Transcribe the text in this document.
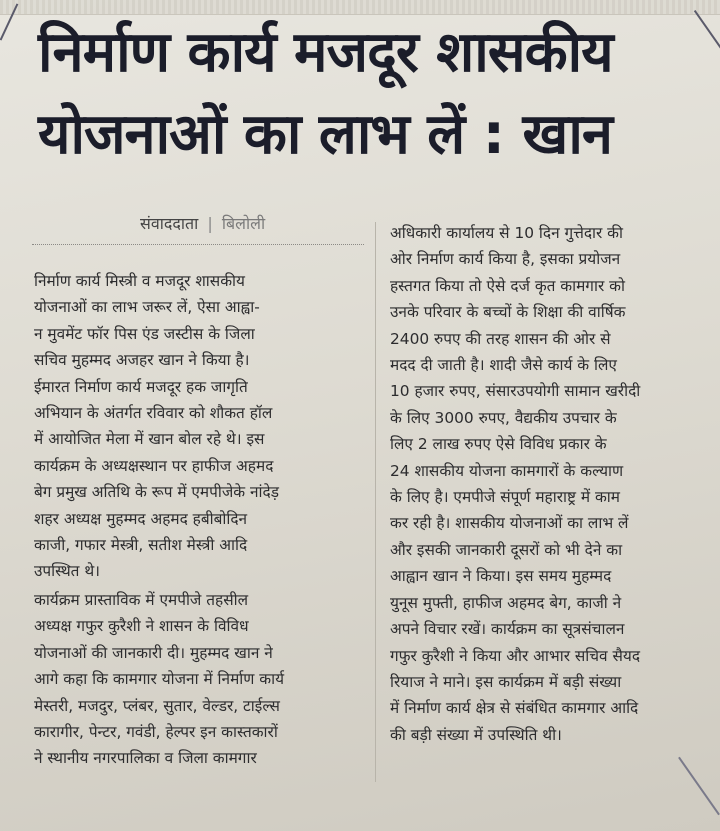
निर्माण कार्य मजदूर शासकीय
योजनाओं का लाभ लें : खान
संवाददाता | बिलोली
निर्माण कार्य मिस्त्री व मजदूर शासकीय
योजनाओं का लाभ जरूर लें, ऐसा आह्वा-
न मुवमेंट फॉर पिस एंड जस्टीस के जिला
सचिव मुहम्मद अजहर खान ने किया है।
ईमारत निर्माण कार्य मजदूर हक जागृति
अभियान के अंतर्गत रविवार को शौकत हॉल
में आयोजित मेला में खान बोल रहे थे। इस
कार्यक्रम के अध्यक्षस्थान पर हाफीज अहमद
बेग प्रमुख अतिथि के रूप में एमपीजेके नांदेड़
शहर अध्यक्ष मुहम्मद अहमद हबीबोदिन
काजी, गफार मेस्त्री, सतीश मेस्त्री आदि
उपस्थित थे।
कार्यक्रम प्रास्ताविक में एमपीजे तहसील
अध्यक्ष गफुर कुरैशी ने शासन के विविध
योजनाओं की जानकारी दी। मुहम्मद खान ने
आगे कहा कि कामगार योजना में निर्माण कार्य
मेस्तरी, मजदुर, प्लंबर, सुतार, वेल्डर, टाईल्स
कारागीर, पेन्टर, गवंडी, हेल्पर इन कास्तकारों
ने स्थानीय नगरपालिका व जिला कामगार
अधिकारी कार्यालय से 10 दिन गुत्तेदार की
ओर निर्माण कार्य किया है, इसका प्रयोजन
हस्तगत किया तो ऐसे दर्ज कृत कामगार को
उनके परिवार के बच्चों के शिक्षा की वार्षिक
2400 रुपए की तरह शासन की ओर से
मदद दी जाती है। शादी जैसे कार्य के लिए
10 हजार रुपए, संसारउपयोगी सामान खरीदी
के लिए 3000 रुपए, वैद्यकीय उपचार के
लिए 2 लाख रुपए ऐसे विविध प्रकार के
24 शासकीय योजना कामगारों के कल्याण
के लिए है। एमपीजे संपूर्ण महाराष्ट्र में काम
कर रही है। शासकीय योजनाओं का लाभ लें
और इसकी जानकारी दूसरों को भी देने का
आह्वान खान ने किया। इस समय मुहम्मद
युनूस मुफ्ती, हाफीज अहमद बेग, काजी ने
अपने विचार रखें। कार्यक्रम का सूत्रसंचालन
गफुर कुरैशी ने किया और आभार सचिव सैयद
रियाज ने माने। इस कार्यक्रम में बड़ी संख्या
में निर्माण कार्य क्षेत्र से संबंधित कामगार आदि
की बड़ी संख्या में उपस्थिति थी।
